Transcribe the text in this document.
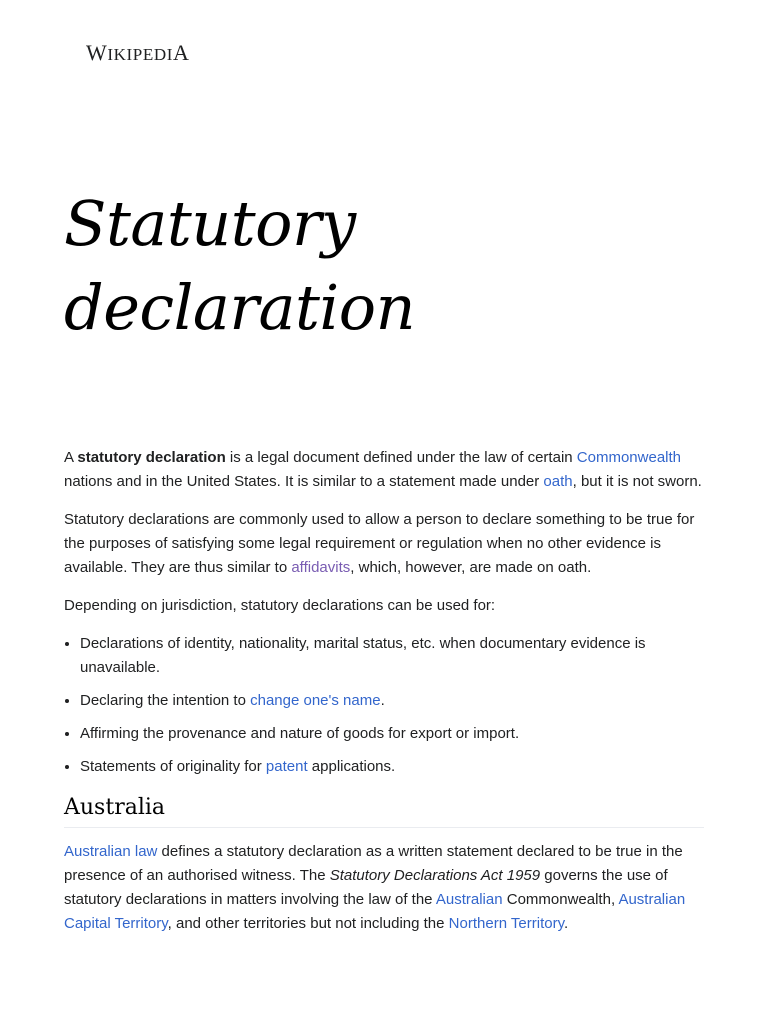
WIKIPEDIA
Statutory
declaration

A statutory declaration is a legal document defined under the law of certain Commonwealth nations and in the United States. It is similar to a statement made under oath, but it is not sworn.

Statutory declarations are commonly used to allow a person to declare something to be true for the purposes of satisfying some legal requirement or regulation when no other evidence is available. They are thus similar to affidavits, which, however, are made on oath.

Depending on jurisdiction, statutory declarations can be used for:

• Declarations of identity, nationality, marital status, etc. when documentary evidence is unavailable.
• Declaring the intention to change one's name.
• Affirming the provenance and nature of goods for export or import.
• Statements of originality for patent applications.
Australia

Australian law defines a statutory declaration as a written statement declared to be true in the presence of an authorised witness. The Statutory Declarations Act 1959 governs the use of statutory declarations in matters involving the law of the Australian Commonwealth, Australian Capital Territory, and other territories but not including the Northern Territory.
